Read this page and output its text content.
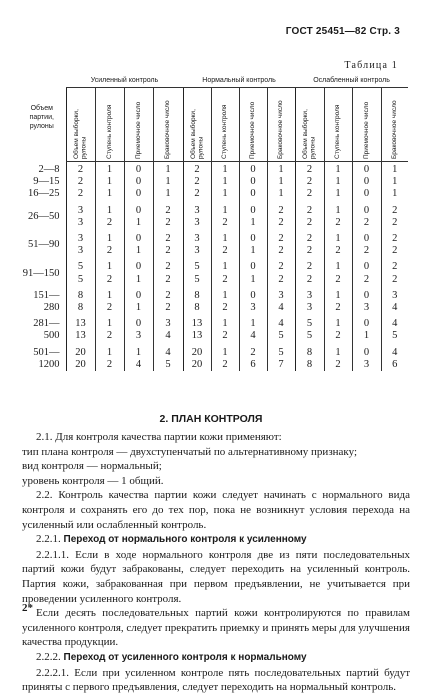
ГОСТ 25451—82 Стр. 3
Таблица 1
Объем партии, рулоны	Усиленный контроль				Нормальный контроль				Ослабленный контроль			

	Объем выборки, рулоны	Ступень контроля	Приемочное число	Браковочное число	Объем выборки, рулоны	Ступень контроля	Приемочное число	Браковочное число	Объем выборки, рулоны	Ступень контроля	Приемочное число	Браковочное число

2—8	2	1	0	1	2	1	0	1	2	1	0	1
9—15	2	1	0	1	2	1	0	1	2	1	0	1
16—25	2	1	0	1	2	1	0	1	2	1	0	1

26—50	3	1	0	2	3	1	0	2	2	1	0	2
	3	2	1	2	3	2	1	2	2	2	2	2

51—90	3	1	0	2	3	1	0	2	2	1	0	2
	3	2	1	2	3	2	1	2	2	2	2	2

91—150	5	1	0	2	5	1	0	2	2	1	0	2
	5	2	1	2	5	2	1	2	2	2	2	2

151—280	8	1	0	2	8	1	0	3	3	1	0	3
	8	2	1	2	8	2	3	4	3	2	3	4

281—500	13	1	0	3	13	1	1	4	5	1	0	4
	13	2	3	4	13	2	4	5	5	2	1	5

501—1200	20	1	1	4	20	1	2	5	8	1	0	4
	20	2	4	5	20	2	6	7	8	2	3	6
2. ПЛАН КОНТРОЛЯ

2.1. Для контроля качества партии кожи применяют:

тип плана контроля — двухступенчатый по альтернативному признаку;

вид контроля — нормальный;

уровень контроля — 1 общий.

2.2. Контроль качества партии кожи следует начинать с нормального вида контроля и сохранять его до тех пор, пока не возникнут условия перехода на усиленный или ослабленный контроль.

2.2.1. Переход от нормального контроля к усиленному

2.2.1.1. Если в ходе нормального контроля две из пяти последовательных партий кожи будут забракованы, следует переходить на усиленный контроль. Партия кожи, забракованная при первом предъявлении, не учитывается при проведении усиленного контроля.

Если десять последовательных партий кожи контролируются по правилам усиленного контроля, следует прекратить приемку и принять меры для улучшения качества продукции.

2.2.2. Переход от усиленного контроля к нормальному

2.2.2.1. Если при усиленном контроле пять последовательных партий будут приняты с первого предъявления, следует переходить на нормальный контроль.

2*
